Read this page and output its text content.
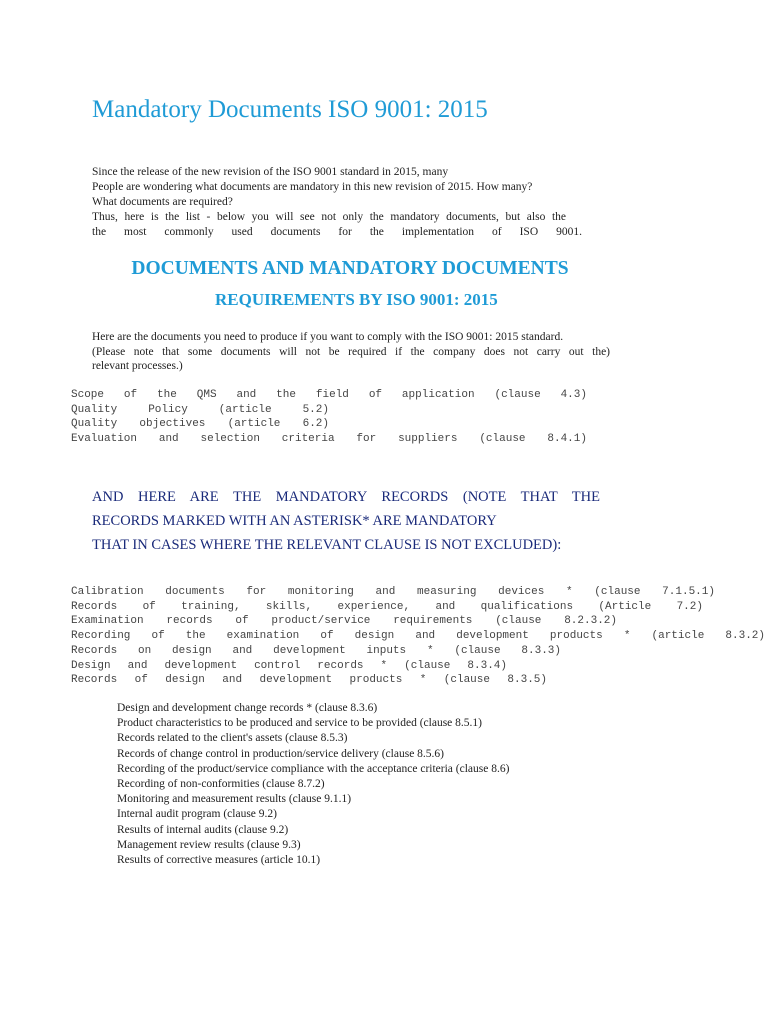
Mandatory Documents ISO 9001: 2015
Since the release of the new revision of the ISO 9001 standard in 2015, many
People are wondering what documents are mandatory in this new revision of 2015. How many?
What documents are required?
Thus, here is the list - below you will see not only the mandatory documents, but also the
the most commonly used documents for the implementation of ISO 9001.
DOCUMENTS AND MANDATORY DOCUMENTS
REQUIREMENTS BY ISO 9001: 2015
Here are the documents you need to produce if you want to comply with the ISO 9001: 2015 standard.
(Please note that some documents will not be required if the company does not carry out the)
relevant processes.)
Scope of the QMS and the field of application (clause 4.3)
Quality Policy (article 5.2)
Quality objectives (article 6.2)
Evaluation and selection criteria for suppliers (clause 8.4.1)
AND HERE ARE THE MANDATORY RECORDS (NOTE THAT THE
RECORDS MARKED WITH AN ASTERISK* ARE MANDATORY
THAT IN CASES WHERE THE RELEVANT CLAUSE IS NOT EXCLUDED):
Calibration documents for monitoring and measuring devices * (clause 7.1.5.1)
Records of training, skills, experience, and qualifications (Article 7.2)
Examination records of product/service requirements (clause 8.2.3.2)
Recording of the examination of design and development products * (article 8.3.2)
Records on design and development inputs * (clause 8.3.3)
Design and development control records * (clause 8.3.4)
Records of design and development products * (clause 8.3.5)
Design and development change records * (clause 8.3.6)
Product characteristics to be produced and service to be provided (clause 8.5.1)
Records related to the client's assets (clause 8.5.3)
Records of change control in production/service delivery (clause 8.5.6)
Recording of the product/service compliance with the acceptance criteria (clause 8.6)
Recording of non-conformities (clause 8.7.2)
Monitoring and measurement results (clause 9.1.1)
Internal audit program (clause 9.2)
Results of internal audits (clause 9.2)
Management review results (clause 9.3)
Results of corrective measures (article 10.1)
